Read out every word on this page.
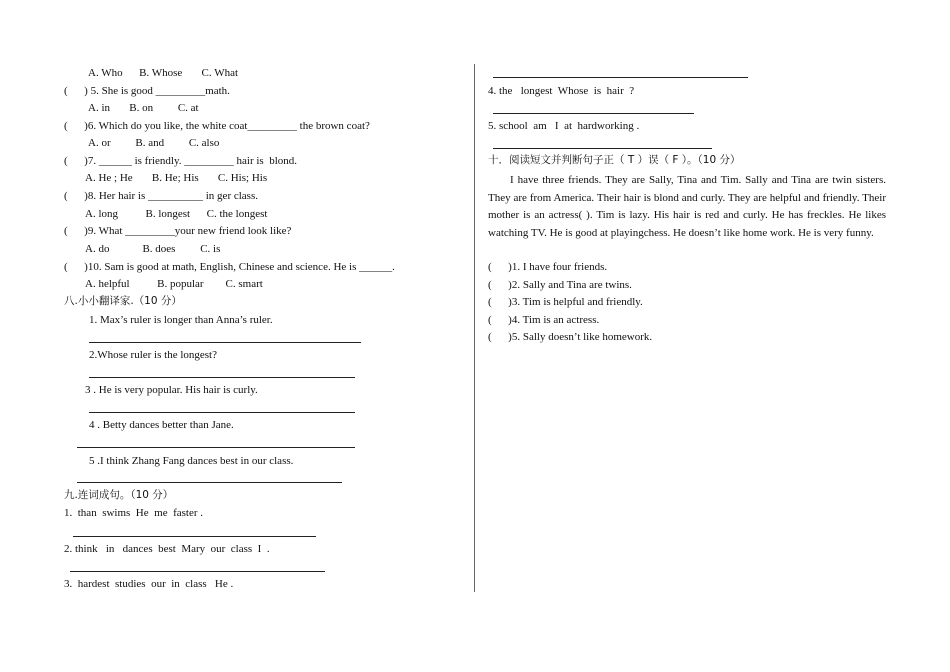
A. Who      B. Whose       C. What
(      ) 5. She is good _________math.
A. in       B. on         C. at
(      )6. Which do you like, the white coat_________ the brown coat?
A. or         B. and         C. also
(      )7. ______ is friendly. _________ hair is  blond.
A. He ; He       B. He; His       C. His; His
(      )8. Her hair is __________ in ger class.
A. long          B. longest      C. the longest
(      )9. What _________your new friend look like?
A. do            B. does         C. is
(      )10. Sam is good at math, English, Chinese and science. He is ______.
A. helpful          B. popular        C. smart
八.小小翻译家.（10 分）
1. Max’s ruler is longer than Anna’s ruler.
2.Whose ruler is the longest?
3 . He is very popular. His hair is curly.
4 . Betty dances better than Jane.
5 .I think Zhang Fang dances best in our class.
九.连词成句。（10 分）
1.  than  swims  He  me  faster .
2. think   in   dances  best  Mary  our  class  I  .
3.  hardest  studies  our  in  class   He .
4. the   longest  Whose  is  hair  ?
5. school  am   I  at  hardworking .
十．阅读短文并判断句子正（ T ）误（ F ）。（10 分）
I have three friends. They are Sally, Tina and Tim. Sally and Tina are twin sisters. They are from America. Their hair is blond and curly. They are helpful and friendly. Their mother is an actress( ). Tim is lazy. His hair is red and curly. He has freckles. He likes watching TV. He is good at playingchess. He doesn’t like home work. He is very funny.
(      )1. I have four friends.
(      )2. Sally and Tina are twins.
(      )3. Tim is helpful and friendly.
(      )4. Tim is an actress.
(      )5. Sally doesn’t like homework.
